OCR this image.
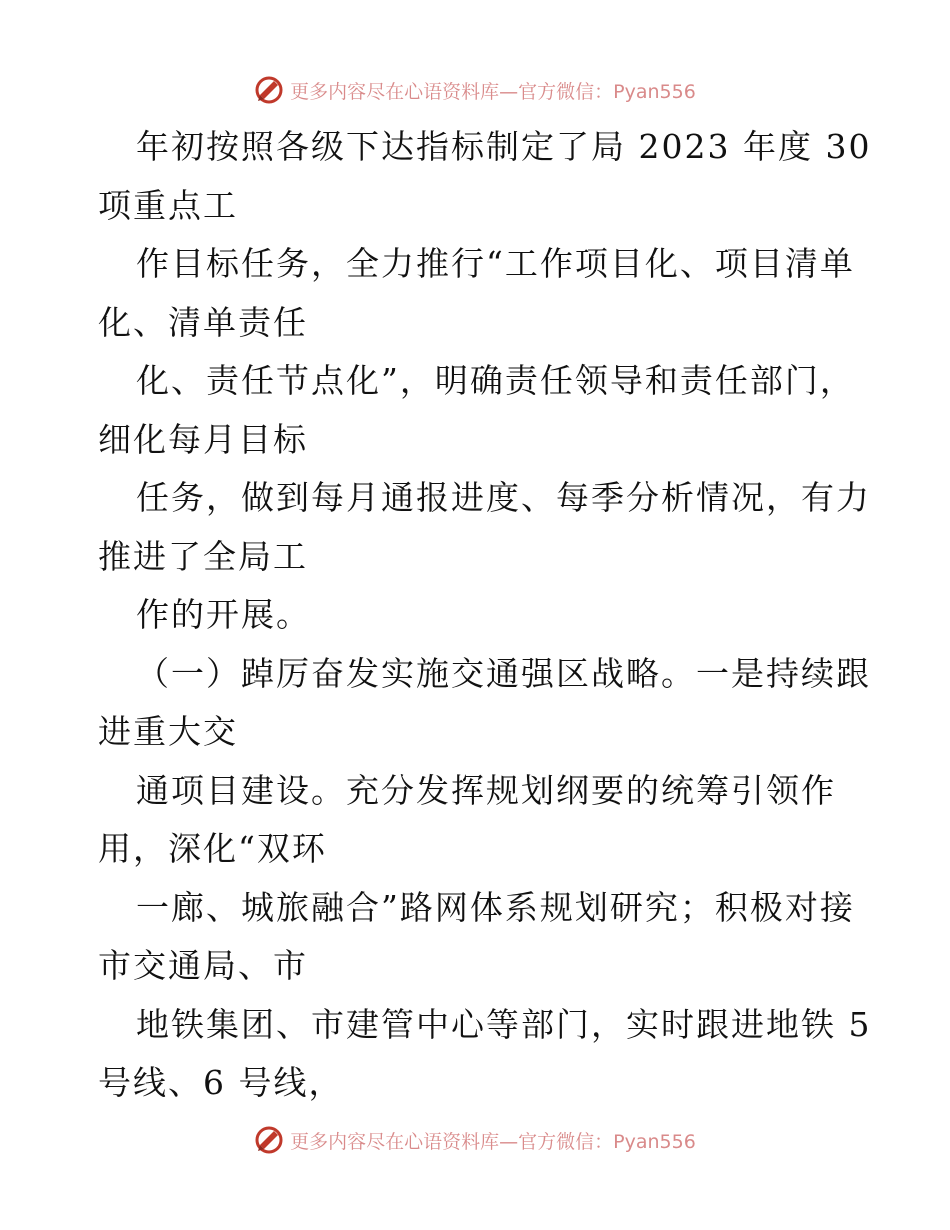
更多内容尽在心语资料库—官方微信：Pyan556
年初按照各级下达指标制定了局 2023 年度 30
项重点工
作目标任务，全力推行“工作项目化、项目清单
化、清单责任
化、责任节点化”，明确责任领导和责任部门，
细化每月目标
任务，做到每月通报进度、每季分析情况，有力
推进了全局工
作的开展。
（一）踔厉奋发实施交通强区战略。一是持续跟
进重大交
通项目建设。充分发挥规划纲要的统筹引领作
用，深化“双环
一廊、城旅融合”路网体系规划研究；积极对接
市交通局、市
地铁集团、市建管中心等部门，实时跟进地铁 5
号线、6 号线，
更多内容尽在心语资料库—官方微信：Pyan556
